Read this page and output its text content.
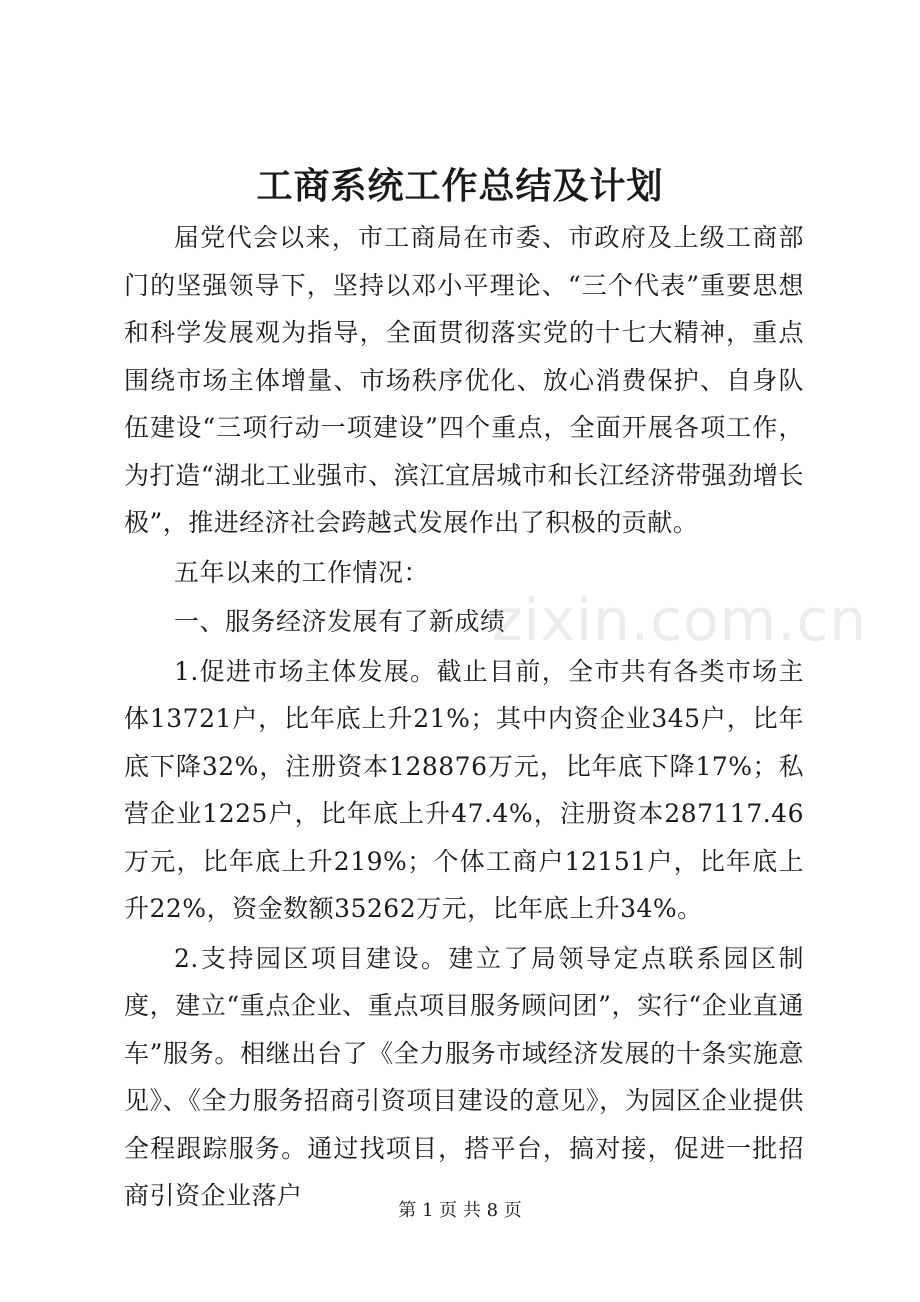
工商系统工作总结及计划

届党代会以来，市工商局在市委、市政府及上级工商部门的坚强领导下，坚持以邓小平理论、“三个代表”重要思想和科学发展观为指导，全面贯彻落实党的十七大精神，重点围绕市场主体增量、市场秩序优化、放心消费保护、自身队伍建设“三项行动一项建设”四个重点，全面开展各项工作，为打造“湖北工业强市、滨江宜居城市和长江经济带强劲增长极”，推进经济社会跨越式发展作出了积极的贡献。

五年以来的工作情况：

一、服务经济发展有了新成绩

1.促进市场主体发展。截止目前，全市共有各类市场主体13721户，比年底上升21%；其中内资企业345户，比年底下降32%，注册资本128876万元，比年底下降17%；私营企业1225户，比年底上升47.4%，注册资本287117.46万元，比年底上升219%；个体工商户12151户，比年底上升22%，资金数额35262万元，比年底上升34%。

2.支持园区项目建设。建立了局领导定点联系园区制度，建立“重点企业、重点项目服务顾问团”，实行“企业直通车”服务。相继出台了《全力服务市域经济发展的十条实施意见》、《全力服务招商引资项目建设的意见》，为园区企业提供全程跟踪服务。通过找项目，搭平台，搞对接，促进一批招商引资企业落户

zixin.com.cn
第 1 页 共 8 页
